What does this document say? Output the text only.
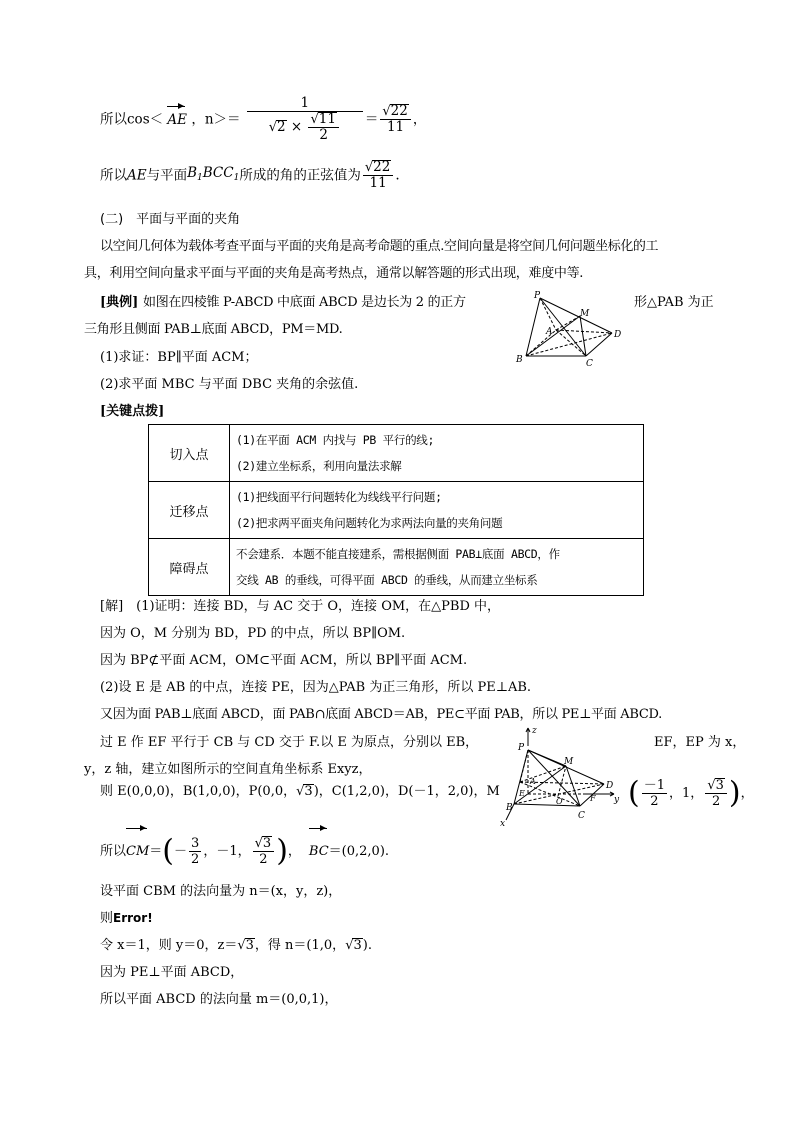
所以cos＜ AE ，$n>= \frac{1}{√2 \times \frac{√11}{2}} = \frac{√22}{11}$ ，
所以AE与平面$B_1BCC_1$所成的角的正弦值为 $\frac{√22}{11}$ .
(二)　平面与平面的夹角
以空间几何体为载体考查平面与平面的夹角是高考命题的重点.空间向量是将空间几何问题坐标化的工
具，利用空间向量求平面与平面的夹角是高考热点，通常以解答题的形式出现，难度中等.
[典例] 如图在四棱锥 P-ABCD 中底面 ABCD 是边长为 2 的正方	形△PAB 为正
三角形且侧面 PAB⊥底面 ABCD，PM＝MD.
(1)求证：BP∥平面 ACM；
(2)求平面 MBC 与平面 DBC 夹角的余弦值.
P
M
A	D
B	C
[关键点拨]
切入点	(1)在平面 ACM 内找与 PB 平行的线;
(2)建立坐标系，利用向量法求解

迁移点	(1)把线面平行问题转化为线线平行问题;
(2)把求两平面夹角问题转化为求两法向量的夹角问题

障碍点	不会建系．本题不能直接建系，需根据侧面 PAB⊥底面 ABCD，作
交线 AB 的垂线，可得平面 ABCD 的垂线，从而建立坐标系
[解]　(1)证明：连接 BD，与 AC 交于 O，连接 OM，在△PBD 中，
因为 O，M 分别为 BD，PD 的中点，所以 BP∥OM.
因为 BP⊄平面 ACM，OM⊂平面 ACM，所以 BP∥平面 ACM.
(2)设 E 是 AB 的中点，连接 PE，因为△PAB 为正三角形，所以 PE⊥AB.
又因为面 PAB⊥底面 ABCD，面 PAB∩底面 ABCD＝AB，PE⊂平面 PAB，所以 PE⊥平面 ABCD.
过 E 作 EF 平行于 CB 与 CD 交于 F.以 E 为原点，分别以 EB，	EF，EP 为 x，
y，z 轴，建立如图所示的空间直角坐标系 Exyz，
则 E(0,0,0)，B(1,0,0)，P(0,0，√3)，C(1,2,0)，D(－1，2,0)，M	( $\frac{-1}{2}$ ，1， $\frac{√3}{2}$ )，
z
P
M
A	D
E
O	F y
B
C
x
所以$CM=(- \frac{3}{2}$ ，－1， $\frac{√3}{2}$ )， BC＝(0,2,0).
设平面 CBM 的法向量为 n＝(x，y，z)，
则Error!
令 x＝1，则 y＝0，z＝√3，得 n＝(1,0，√3).
因为 PE⊥平面 ABCD，
所以平面 ABCD 的法向量 m＝(0,0,1)，
